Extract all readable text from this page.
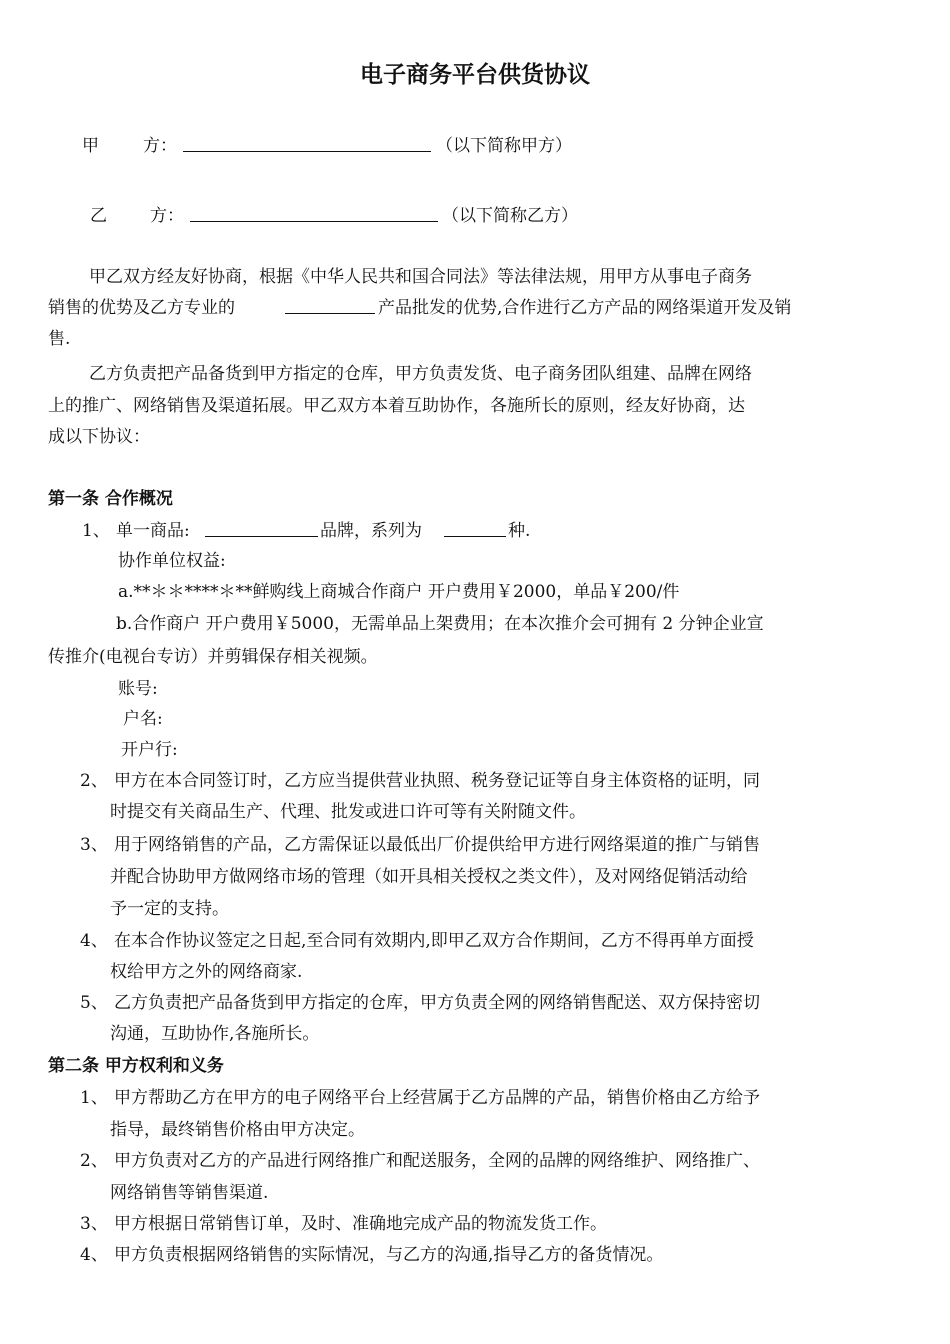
电子商务平台供货协议
甲	方：	（以下简称甲方）
乙	方：	（以下简称乙方）
甲乙双方经友好协商，根据《中华人民共和国合同法》等法律法规，用甲方从事电子商务
销售的优势及乙方专业的	产品批发的优势,合作进行乙方产品的网络渠道开发及销
售.
乙方负责把产品备货到甲方指定的仓库，甲方负责发货、电子商务团队组建、品牌在网络
上的推广、网络销售及渠道拓展。甲乙双方本着互助协作，各施所长的原则，经友好协商，达
成以下协议：
第一条 合作概况
1、 单一商品:	品牌，系列为	种.
协作单位权益:
a.**＊＊****＊**鲜购线上商城合作商户 开户费用￥2000，单品￥200/件
b.合作商户 开户费用￥5000，无需单品上架费用；在本次推介会可拥有 2 分钟企业宣
传推介(电视台专访）并剪辑保存相关视频。
账号:
户名:
开户行:
2、 甲方在本合同签订时，乙方应当提供营业执照、税务登记证等自身主体资格的证明，同
时提交有关商品生产、代理、批发或进口许可等有关附随文件。
3、 用于网络销售的产品，乙方需保证以最低出厂价提供给甲方进行网络渠道的推广与销售
并配合协助甲方做网络市场的管理（如开具相关授权之类文件），及对网络促销活动给
予一定的支持。
4、 在本合作协议签定之日起,至合同有效期内,即甲乙双方合作期间，乙方不得再单方面授
权给甲方之外的网络商家.
5、 乙方负责把产品备货到甲方指定的仓库，甲方负责全网的网络销售配送、双方保持密切
沟通，互助协作,各施所长。
第二条 甲方权利和义务
1、 甲方帮助乙方在甲方的电子网络平台上经营属于乙方品牌的产品，销售价格由乙方给予
指导，最终销售价格由甲方决定。
2、 甲方负责对乙方的产品进行网络推广和配送服务，全网的品牌的网络维护、网络推广、
网络销售等销售渠道.
3、 甲方根据日常销售订单，及时、准确地完成产品的物流发货工作。
4、 甲方负责根据网络销售的实际情况，与乙方的沟通,指导乙方的备货情况。
